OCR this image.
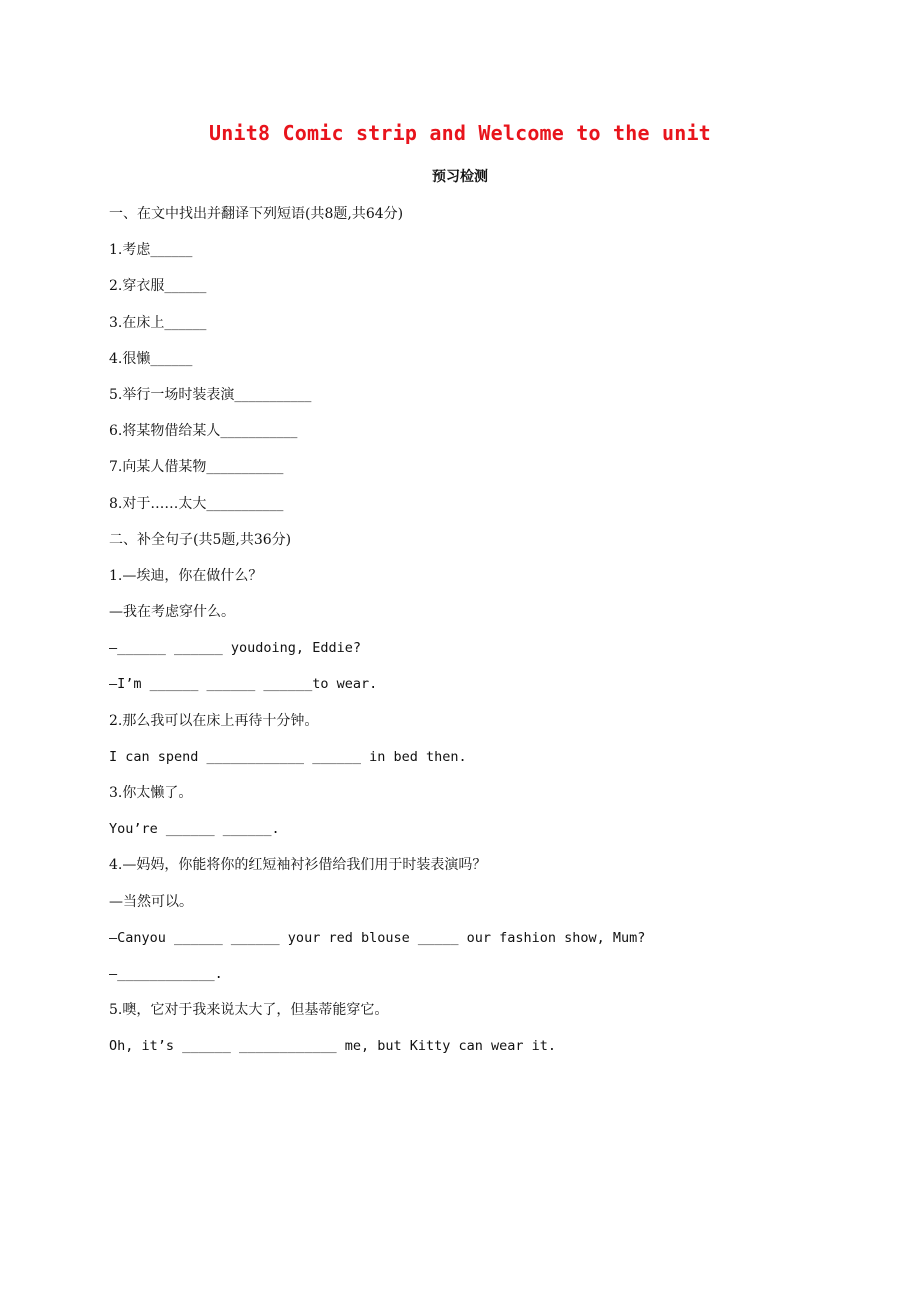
Unit8 Comic strip and Welcome to the unit
预习检测
一、在文中找出并翻译下列短语(共8题,共64分)
1.考虑______
2.穿衣服______
3.在床上______
4.很懒______
5.举行一场时装表演___________
6.将某物借给某人___________
7.向某人借某物___________
8.对于……太大___________
二、补全句子(共5题,共36分)
1.—埃迪，你在做什么？
—我在考虑穿什么。
—______ ______ youdoing, Eddie?
—I’m ______ ______ ______to wear.
2.那么我可以在床上再待十分钟。
I can spend ____________ ______ in bed then.
3.你太懒了。
You’re ______ ______.
4.—妈妈，你能将你的红短袖衬衫借给我们用于时装表演吗？
—当然可以。
—Canyou ______ ______ your red blouse _____ our fashion show, Mum?
—____________.
5.噢，它对于我来说太大了，但基蒂能穿它。
Oh, it’s ______ ____________ me, but Kitty can wear it.
